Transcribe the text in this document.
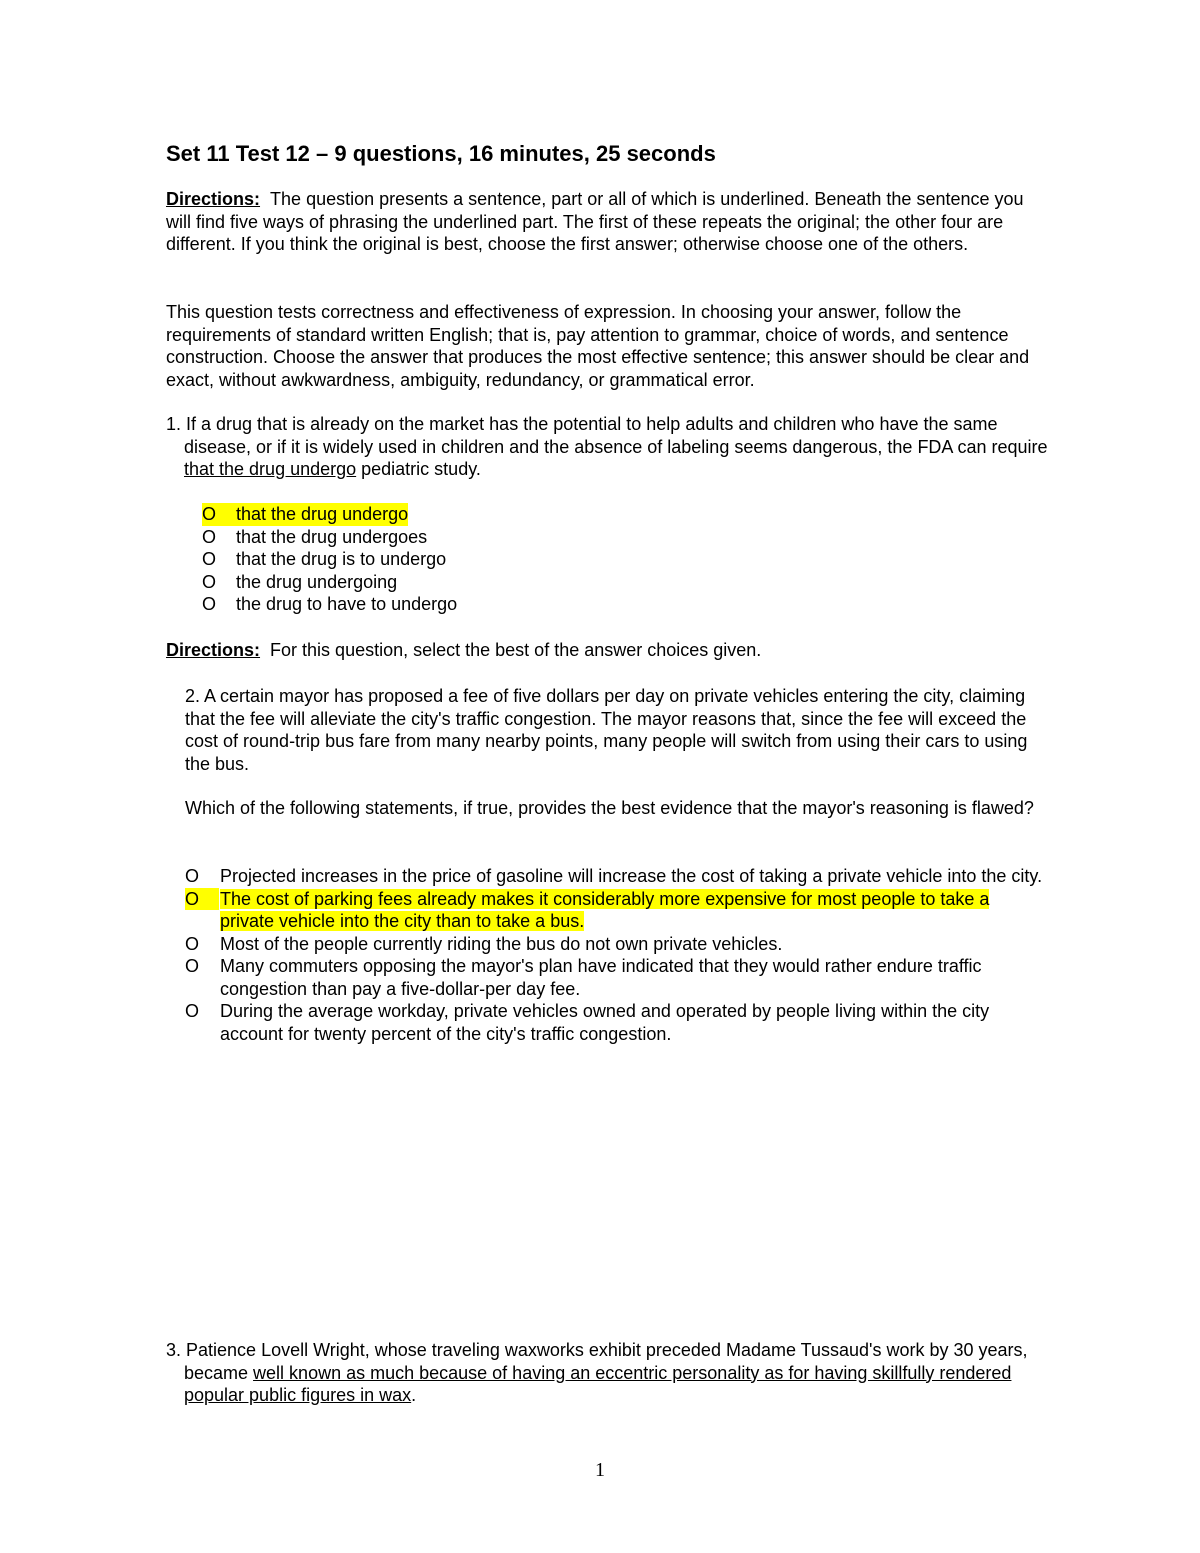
Set 11 Test 12 – 9 questions, 16 minutes, 25 seconds

Directions: The question presents a sentence, part or all of which is underlined. Beneath the sentence you will find five ways of phrasing the underlined part. The first of these repeats the original; the other four are different. If you think the original is best, choose the first answer; otherwise choose one of the others.

This question tests correctness and effectiveness of expression. In choosing your answer, follow the requirements of standard written English; that is, pay attention to grammar, choice of words, and sentence construction. Choose the answer that produces the most effective sentence; this answer should be clear and exact, without awkwardness, ambiguity, redundancy, or grammatical error.

1. If a drug that is already on the market has the potential to help adults and children who have the same disease, or if it is widely used in children and the absence of labeling seems dangerous, the FDA can require that the drug undergo pediatric study.

O that the drug undergo
O	that the drug undergoes
O	that the drug is to undergo
O	the drug undergoing
O	the drug to have to undergo

Directions: For this question, select the best of the answer choices given.

2. A certain mayor has proposed a fee of five dollars per day on private vehicles entering the city, claiming that the fee will alleviate the city's traffic congestion. The mayor reasons that, since the fee will exceed the cost of round-trip bus fare from many nearby points, many people will switch from using their cars to using the bus.

Which of the following statements, if true, provides the best evidence that the mayor's reasoning is flawed?

O	Projected increases in the price of gasoline will increase the cost of taking a private vehicle into the city.
O	The cost of parking fees already makes it considerably more expensive for most people to take a private vehicle into the city than to take a bus.
O	Most of the people currently riding the bus do not own private vehicles.
O	Many commuters opposing the mayor's plan have indicated that they would rather endure traffic congestion than pay a five-dollar-per day fee.
O	During the average workday, private vehicles owned and operated by people living within the city account for twenty percent of the city's traffic congestion.

3. Patience Lovell Wright, whose traveling waxworks exhibit preceded Madame Tussaud's work by 30 years, became well known as much because of having an eccentric personality as for having skillfully rendered popular public figures in wax.

1
